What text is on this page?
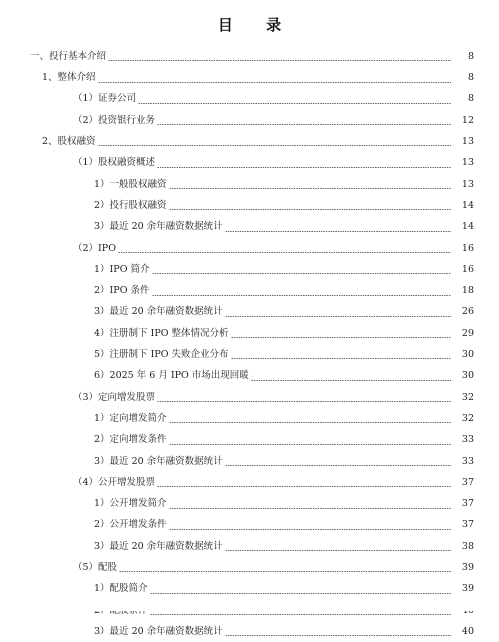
目 录
一、投行基本介绍	8
1、整体介绍	8
（1）证券公司	8
（2）投资银行业务	12
2、股权融资	13
（1）股权融资概述	13
1）一般股权融资	13
2）投行股权融资	14
3）最近 20 余年融资数据统计	14
（2）IPO	16
1）IPO 简介	16
2）IPO 条件	18
3）最近 20 余年融资数据统计	26
4）注册制下 IPO 整体情况分析	29
5）注册制下 IPO 失败企业分布	30
6）2025 年 6 月 IPO 市场出现回暖	30
（3）定向增发股票	32
1）定向增发简介	32
2）定向增发条件	33
3）最近 20 余年融资数据统计	33
（4）公开增发股票	37
1）公开增发简介	37
2）公开增发条件	37
3）最近 20 余年融资数据统计	38
（5）配股	39
1）配股简介	39
3）最近 20 余年融资数据统计	40
